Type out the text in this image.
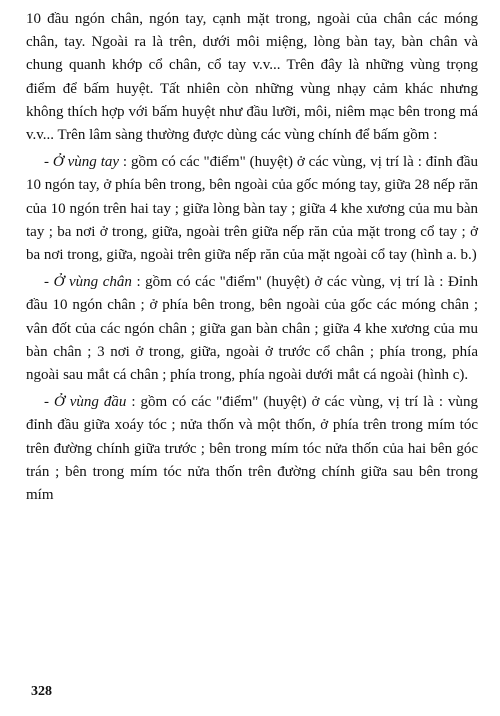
10 đầu ngón chân, ngón tay, cạnh mặt trong, ngoài của chân các móng chân, tay. Ngoài ra là trên, dưới môi miệng, lòng bàn tay, bàn chân và chung quanh khớp cổ chân, cổ tay v.v... Trên đây là những vùng trọng điểm để bấm huyệt. Tất nhiên còn những vùng nhạy cảm khác nhưng không thích hợp với bấm huyệt như đầu lưỡi, môi, niêm mạc bên trong má v.v... Trên lâm sàng thường được dùng các vùng chính để bấm gồm :

- Ở vùng tay : gồm có các "điểm" (huyệt) ở các vùng, vị trí là : đỉnh đầu 10 ngón tay, ở phía bên trong, bên ngoài của gốc móng tay, giữa 28 nếp răn của 10 ngón trên hai tay ; giữa lòng bàn tay ; giữa 4 khe xương của mu bàn tay ; ba nơi ở trong, giữa, ngoài trên giữa nếp răn của mặt trong cổ tay ; ở ba nơi trong, giữa, ngoài trên giữa nếp răn của mặt ngoài cổ tay (hình a. b.)

- Ở vùng chân : gồm có các "điểm" (huyệt) ở các vùng, vị trí là : Đỉnh đầu 10 ngón chân ; ở phía bên trong, bên ngoài của gốc các móng chân ; vân đốt của các ngón chân ; giữa gan bàn chân ; giữa 4 khe xương của mu bàn chân ; 3 nơi ở trong, giữa, ngoài ở trước cổ chân ; phía trong, phía ngoài sau mắt cá chân ; phía trong, phía ngoài dưới mắt cá ngoài (hình c).

- Ở vùng đầu : gồm có các "điểm" (huyệt) ở các vùng, vị trí là : vùng đỉnh đầu giữa xoáy tóc ; nửa thốn và một thốn, ở phía trên trong mím tóc trên đường chính giữa trước ; bên trong mím tóc nửa thốn của hai bên góc trán ; bên trong mím tóc nửa thốn trên đường chính giữa sau bên trong mím

328
